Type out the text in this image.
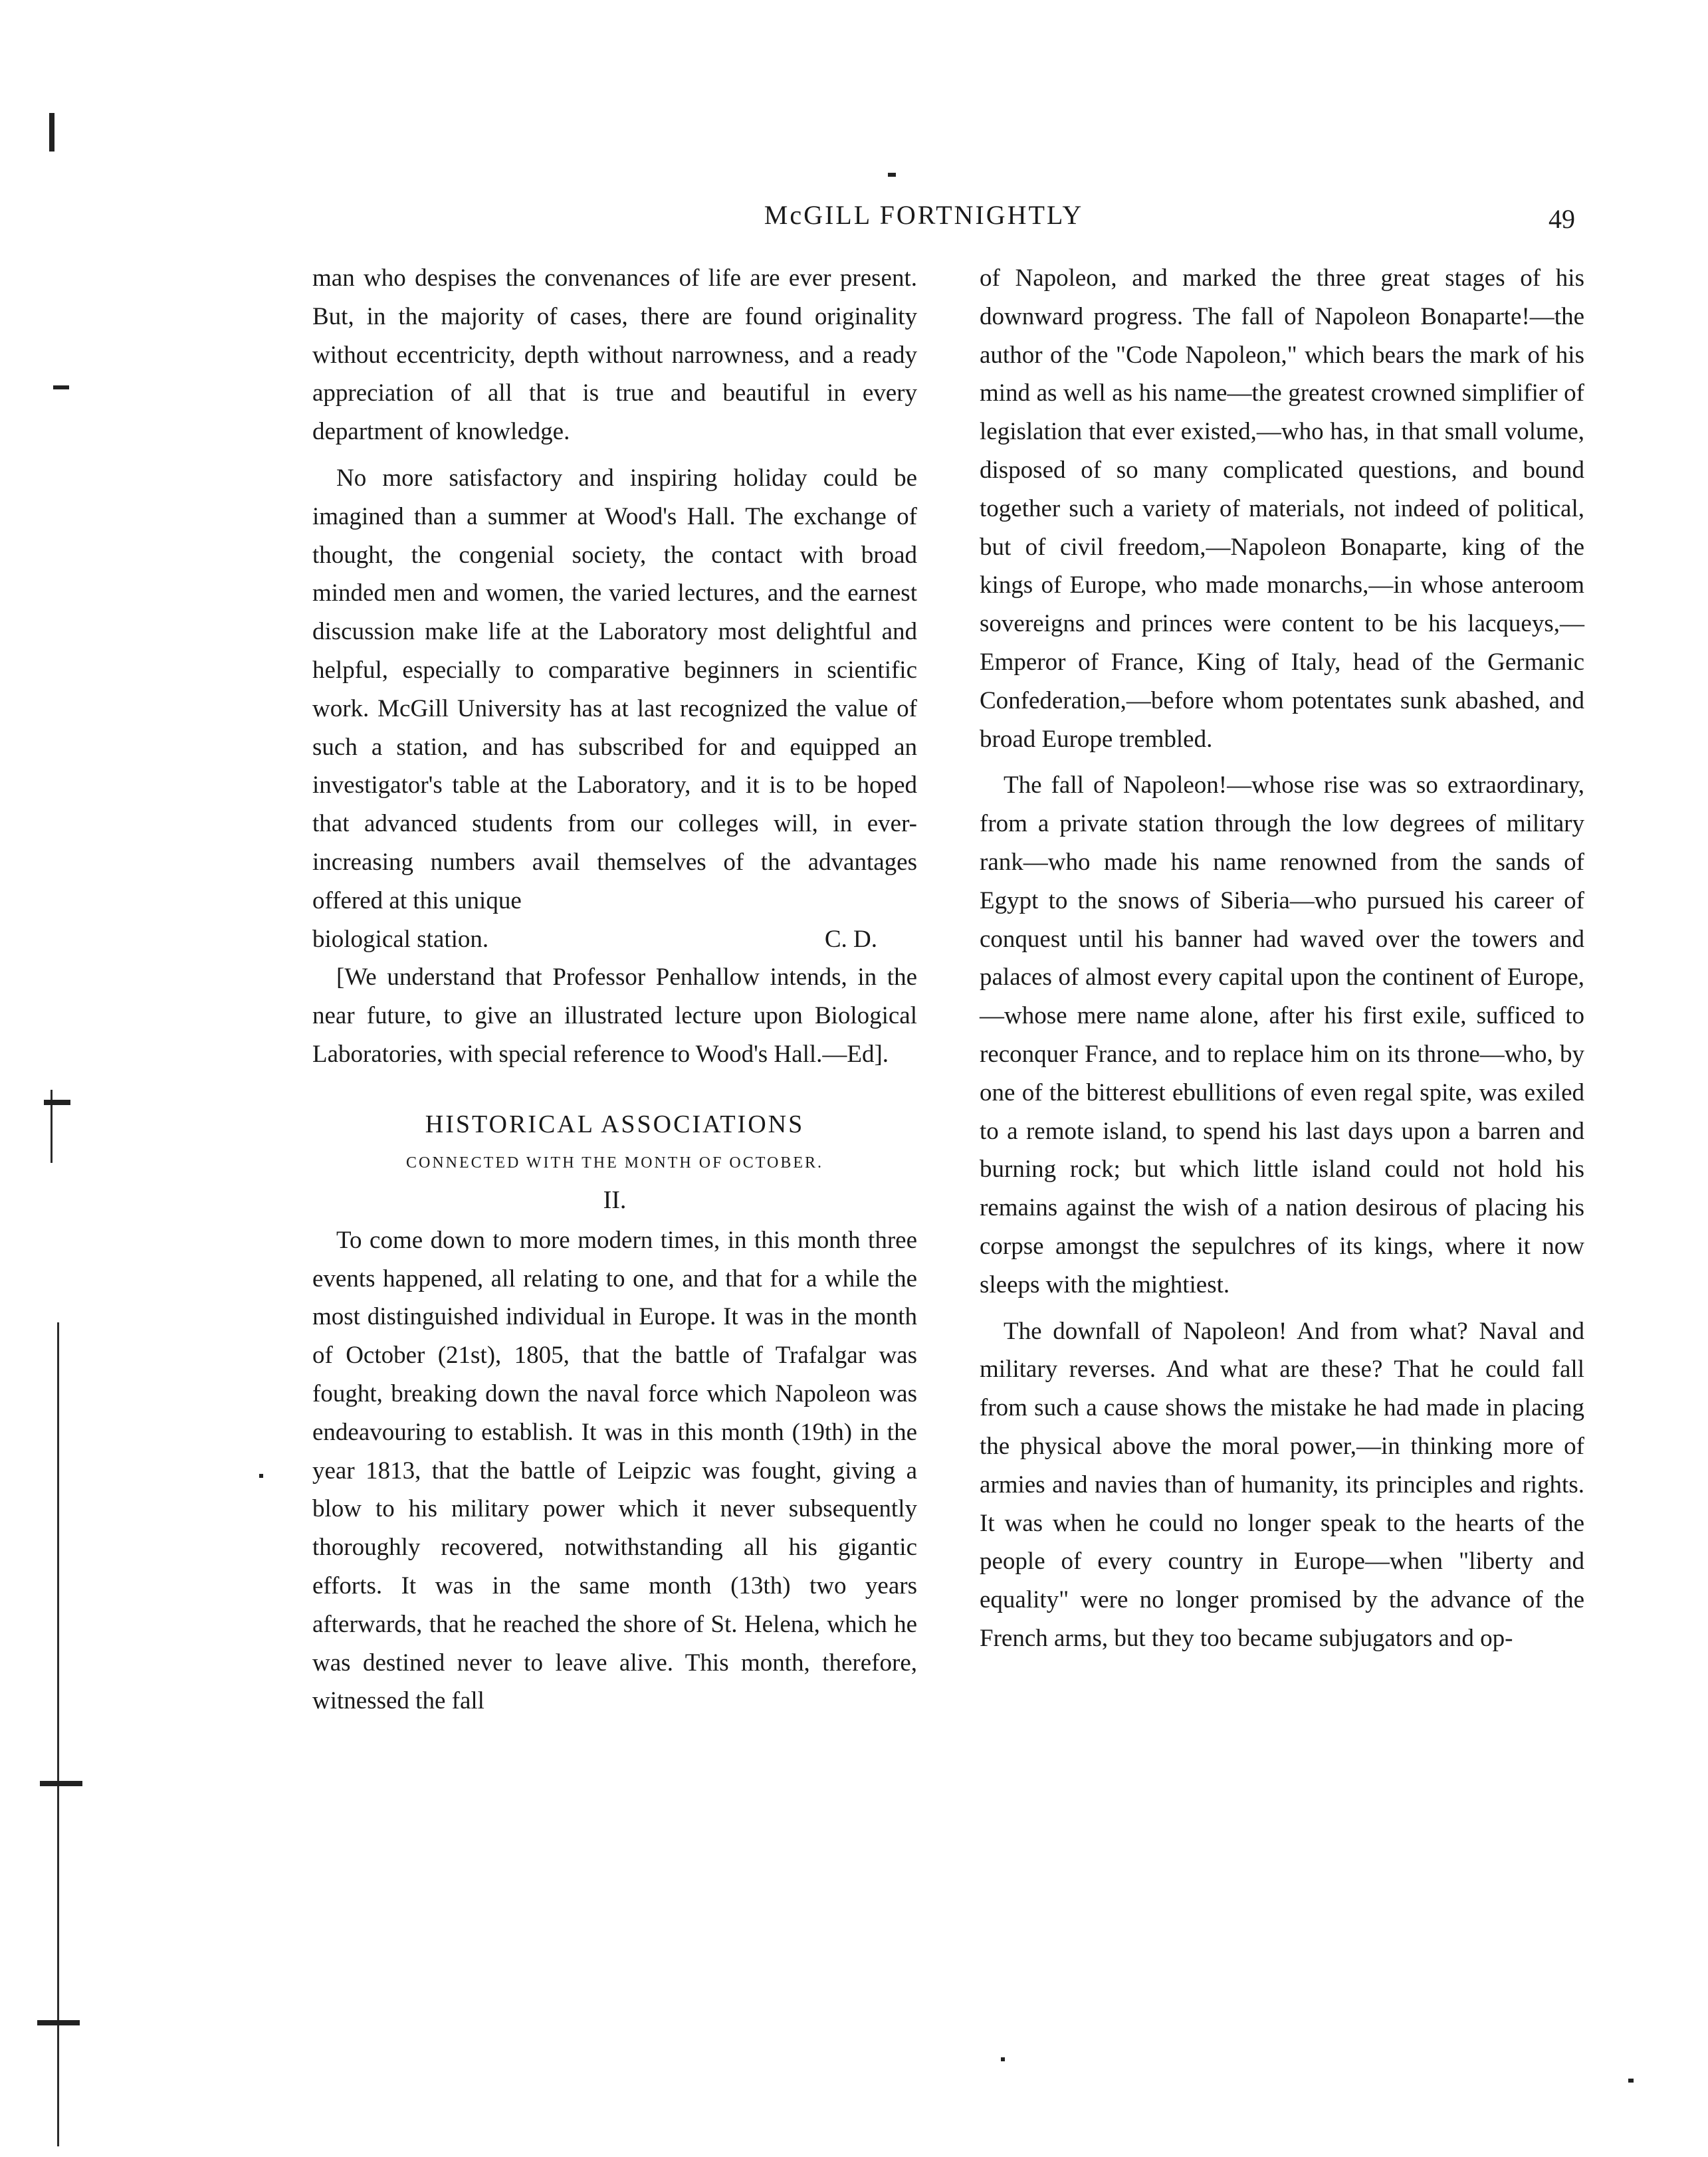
McGILL FORTNIGHTLY	49

man who despises the convenances of life are ever present. But, in the majority of cases, there are found originality without eccentricity, depth without narrowness, and a ready appreciation of all that is true and beautiful in every department of knowledge.

No more satisfactory and inspiring holiday could be imagined than a summer at Wood's Hall. The exchange of thought, the congenial society, the contact with broad minded men and women, the varied lectures, and the earnest discussion make life at the Laboratory most delightful and helpful, especially to comparative beginners in scientific work. McGill University has at last recognized the value of such a station, and has subscribed for and equipped an investigator's table at the Laboratory, and it is to be hoped that advanced students from our colleges will, in ever-increasing numbers avail themselves of the advantages offered at this unique

biological station.	C. D.

[We understand that Professor Penhallow intends, in the near future, to give an illustrated lecture upon Biological Laboratories, with special reference to Wood's Hall.—Ed].

HISTORICAL ASSOCIATIONS
CONNECTED WITH THE MONTH OF OCTOBER.
II.

To come down to more modern times, in this month three events happened, all relating to one, and that for a while the most distinguished individual in Europe. It was in the month of October (21st), 1805, that the battle of Trafalgar was fought, breaking down the naval force which Napoleon was endeavouring to establish. It was in this month (19th) in the year 1813, that the battle of Leipzic was fought, giving a blow to his military power which it never subsequently thoroughly recovered, notwithstanding all his gigantic efforts. It was in the same month (13th) two years afterwards, that he reached the shore of St. Helena, which he was destined never to leave alive. This month, therefore, witnessed the fall

of Napoleon, and marked the three great stages of his downward progress. The fall of Napoleon Bonaparte!—the author of the "Code Napoleon," which bears the mark of his mind as well as his name—the greatest crowned simplifier of legislation that ever existed,—who has, in that small volume, disposed of so many complicated questions, and bound together such a variety of materials, not indeed of political, but of civil freedom,—Napoleon Bonaparte, king of the kings of Europe, who made monarchs,—in whose anteroom sovereigns and princes were content to be his lacqueys,—Emperor of France, King of Italy, head of the Germanic Confederation,—before whom potentates sunk abashed, and broad Europe trembled.

The fall of Napoleon!—whose rise was so extraordinary, from a private station through the low degrees of military rank—who made his name renowned from the sands of Egypt to the snows of Siberia—who pursued his career of conquest until his banner had waved over the towers and palaces of almost every capital upon the continent of Europe,—whose mere name alone, after his first exile, sufficed to reconquer France, and to replace him on its throne—who, by one of the bitterest ebullitions of even regal spite, was exiled to a remote island, to spend his last days upon a barren and burning rock; but which little island could not hold his remains against the wish of a nation desirous of placing his corpse amongst the sepulchres of its kings, where it now sleeps with the mightiest.

The downfall of Napoleon! And from what? Naval and military reverses. And what are these? That he could fall from such a cause shows the mistake he had made in placing the physical above the moral power,—in thinking more of armies and navies than of humanity, its principles and rights. It was when he could no longer speak to the hearts of the people of every country in Europe—when "liberty and equality" were no longer promised by the advance of the French arms, but they too became subjugators and op-
